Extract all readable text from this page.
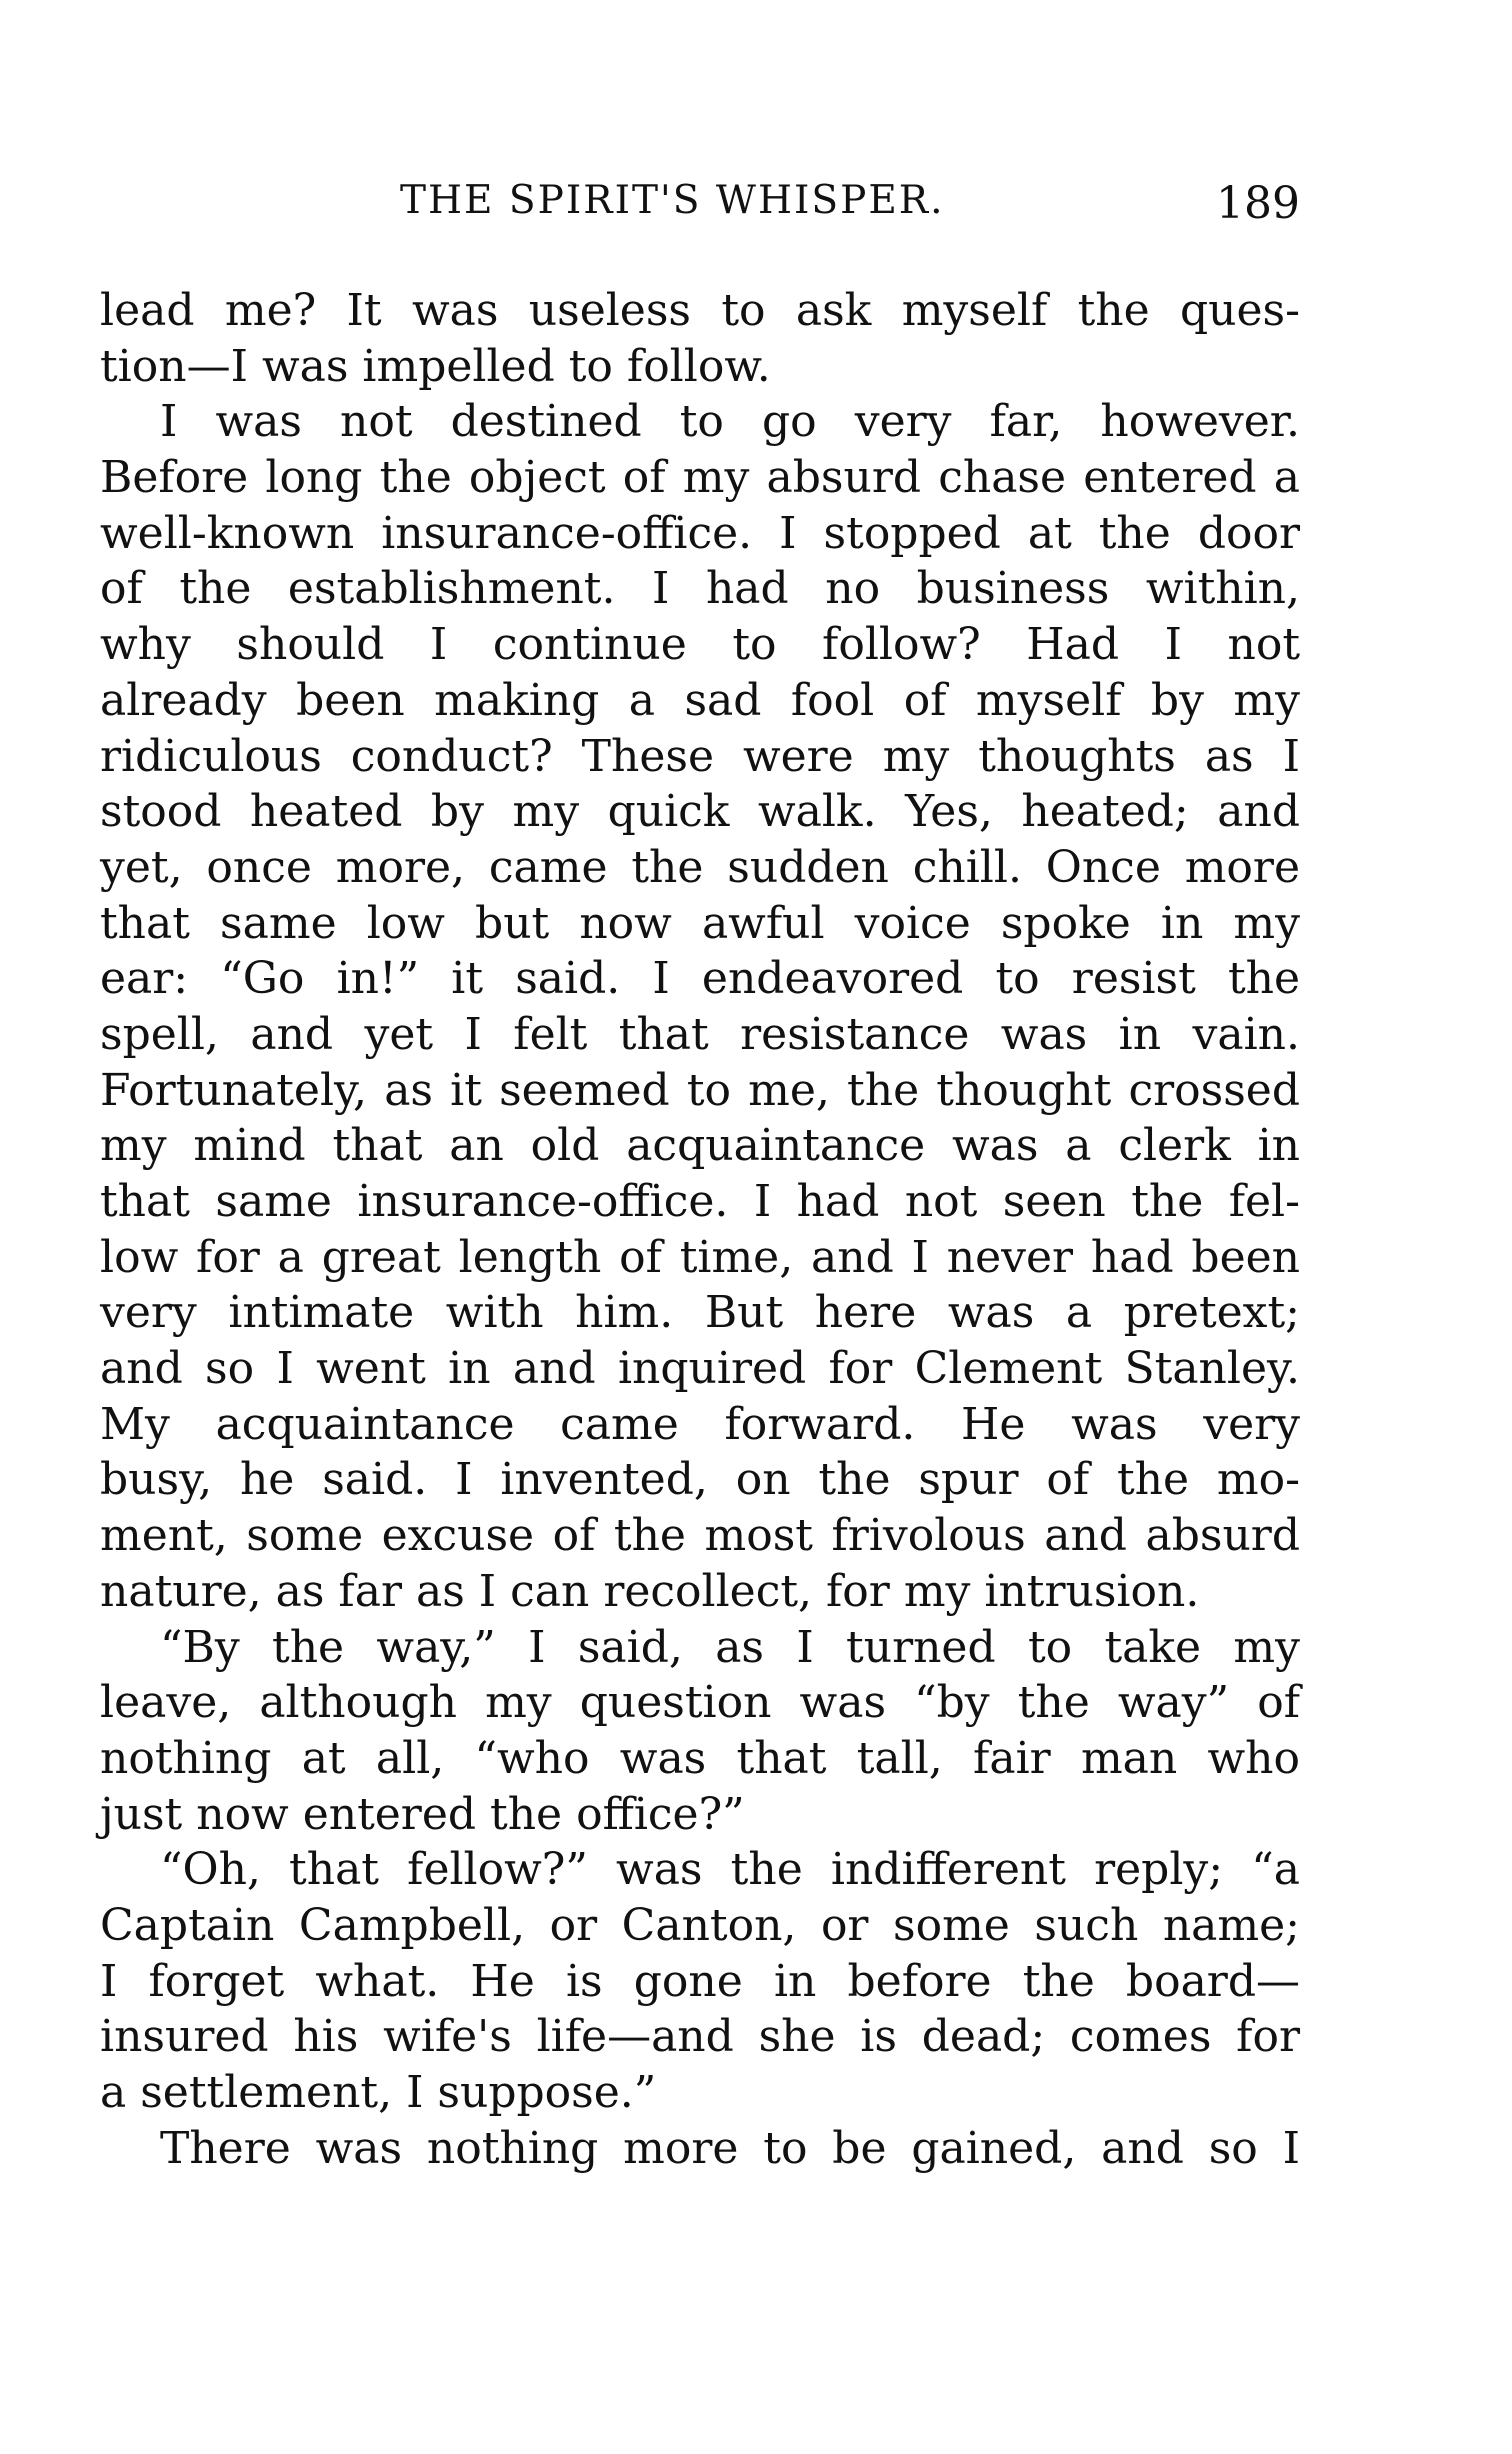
THE SPIRIT'S WHISPER.	189
lead me? It was useless to ask myself the ques-
tion—I was impelled to follow.
I was not destined to go very far, however.
Before long the object of my absurd chase entered a
well-known insurance-office. I stopped at the door
of the establishment. I had no business within,
why should I continue to follow? Had I not
already been making a sad fool of myself by my
ridiculous conduct? These were my thoughts as I
stood heated by my quick walk. Yes, heated; and
yet, once more, came the sudden chill. Once more
that same low but now awful voice spoke in my
ear: “Go in!” it said. I endeavored to resist the
spell, and yet I felt that resistance was in vain.
Fortunately, as it seemed to me, the thought crossed
my mind that an old acquaintance was a clerk in
that same insurance-office. I had not seen the fel-
low for a great length of time, and I never had been
very intimate with him. But here was a pretext;
and so I went in and inquired for Clement Stanley.
My acquaintance came forward. He was very
busy, he said. I invented, on the spur of the mo-
ment, some excuse of the most frivolous and absurd
nature, as far as I can recollect, for my intrusion.
“By the way,” I said, as I turned to take my
leave, although my question was “by the way” of
nothing at all, “who was that tall, fair man who
just now entered the office?”
“Oh, that fellow?” was the indifferent reply; “a
Captain Campbell, or Canton, or some such name;
I forget what. He is gone in before the board—
insured his wife's life—and she is dead; comes for
a settlement, I suppose.”
There was nothing more to be gained, and so I
